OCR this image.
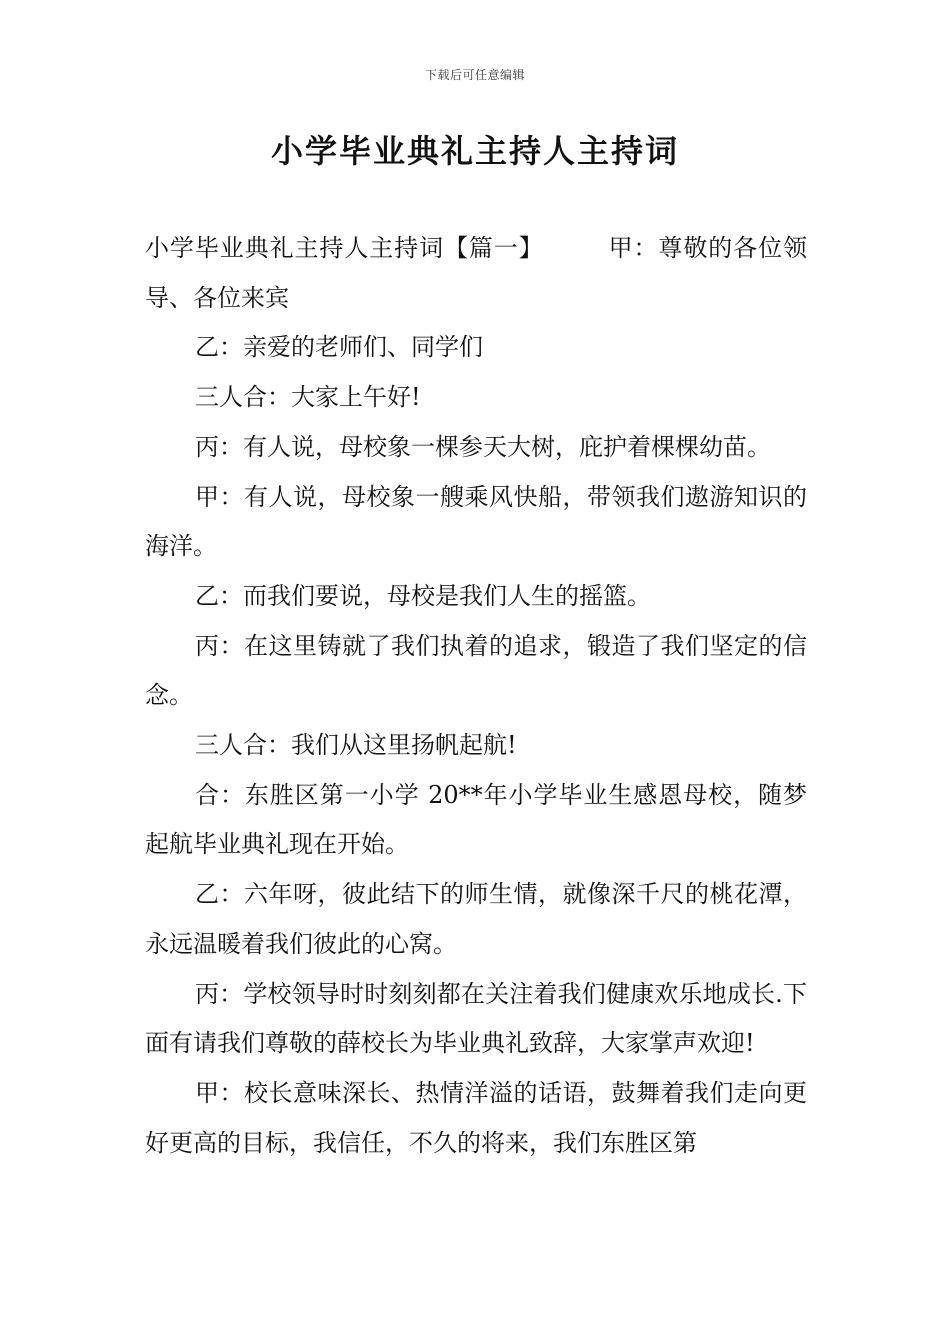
下载后可任意编辑
小学毕业典礼主持人主持词

小学毕业典礼主持人主持词【篇一】	甲：尊敬的各位领导、各位来宾

乙：亲爱的老师们、同学们

三人合：大家上午好!

丙：有人说，母校象一棵参天大树，庇护着棵棵幼苗。

甲：有人说，母校象一艘乘风快船，带领我们遨游知识的海洋。

乙：而我们要说，母校是我们人生的摇篮。

丙：在这里铸就了我们执着的追求，锻造了我们坚定的信念。

三人合：我们从这里扬帆起航!

合：东胜区第一小学 20**年小学毕业生感恩母校，随梦起航毕业典礼现在开始。

乙：六年呀，彼此结下的师生情，就像深千尺的桃花潭，永远温暖着我们彼此的心窝。

丙：学校领导时时刻刻都在关注着我们健康欢乐地成长.下面有请我们尊敬的薛校长为毕业典礼致辞，大家掌声欢迎!

甲：校长意味深长、热情洋溢的话语，鼓舞着我们走向更好更高的目标，我信任，不久的将来，我们东胜区第
